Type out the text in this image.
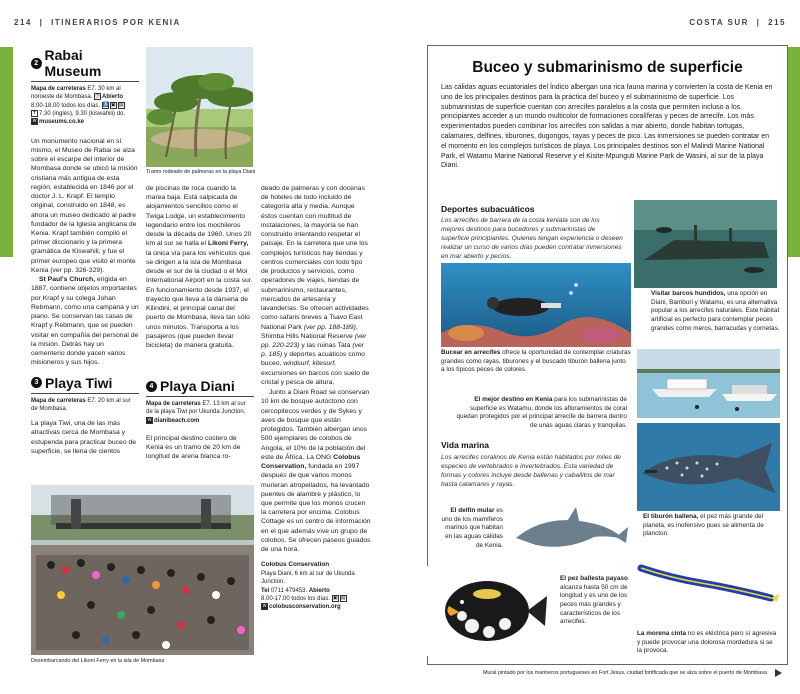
214 | ITINERARIOS POR KENIA	COSTA SUR | 215
2 Rabai Museum
Mapa de carreteras E7. 30 km al noroeste de Mombasa. ◷ Abierto
8.00-18.00 todos los días. ♿ ▣ ▤
✝ 7.30 (inglés), 9.30 (kiswahili) do.
w museums.co.ke

Un monumento nacional en sí mismo, el Museo de Rabai se alza sobre el escarpe del interior de Mombasa donde se ubicó la misión cristiana más antigua de esta región, establecida en 1846 por el doctor J. L. Krapf. El templo original, construido en 1848, es ahora un museo dedicado al padre fundador de la Iglesia anglicana de Kenia. Krapf también compiló el primer diccionario y la primera gramática de Kiswahili, y fue el primer europeo que visitó el monte Kenia (ver pp. 326-329).

St Paul's Church, erigida en 1887, contiene objetos importantes por Krapf y su colega Johan Rebmann, como una campana y un piano. Se conservan las casas de Krapf y Rebmann, que se pueden visitar en compañía del personal de la misión. Detrás hay un cementerio donde yacen varios misioneros y sus hijos.

3 Playa Tiwi
Mapa de carreteras E7. 20 km al sur de Mombasa.

La playa Tiwi, una de las más atractivas cerca de Mombasa y estupenda para practicar buceo de superficie, se llena de cientos

Tramo rodeado de palmeras en la playa Diani

de piscinas de roca cuando la marea baja. Está salpicada de alojamientos sencillos como el Twiga Lodge, un establecimiento legendario entre los mochileros desde la década de 1960. Unos 20 km al sur se halla el Likoni Ferry, la única vía para los vehículos que se dirigen a la isla de Mombasa desde el sur de la ciudad o el Moi International Airport en la costa sur. En funcionamiento desde 1937, el trayecto que lleva a la dársena de Kilindini, el principal canal del puerto de Mombasa, lleva tan sólo unos minutos. Transporta a los pasajeros (que pueden llevar bicicleta) de manera gratuita.

4 Playa Diani
Mapa de carreteras E7. 13 km al sur de la playa Tiwi por Ukunda Junction.
w dianibeach.com

El principal destino costero de Kenia es un tramo de 20 km de longitud de arena blanca ro-

deado de palmeras y con docenas de hoteles de todo incluido de categoría alta y media. Aunque éstos cuentan con multitud de instalaciones, la mayoría se han construido intentando respetar el paisaje. En la carretera que une los complejos turísticos hay tiendas y centros comerciales con todo tipo de productos y servicios, como operadores de viajes, tiendas de submarinismo, restaurantes, mercados de artesanía y lavanderías. Se ofrecen actividades como safaris breves a Tsavo East National Park (ver pp. 188-189), Shimba Hills National Reserve (ver pp. 220-223) y las ruinas Tata (ver p. 185) y deportes acuáticos como buceo, windsurf, kitesurf, excursiones en barcos con suelo de cristal y pesca de altura.

Junto a Diani Road se conservan 10 km de bosque autóctono con cercopitecos verdes y de Sykes y aves de bosque que están protegidos. También albergan unos 500 ejemplares de colobos de Angola, el 10% de la población del este de África. La ONG Colobus Conservation, fundada en 1997 después de que varios monos murieran atropellados, ha levantado puentes de alambre y plástico, lo que permite que los monos crucen la carretera por encima. Colobus Cottage es un centro de información en el que además vive un grupo de colobos. Se ofrecen paseos guiados de una hora.

Colobus Conservation
Playa Diani, 6 km al sur de Ukunda Junction.
Tel 0711 479453. Abierto
8.00-17.00 todos los días. ▣ ▤
w colobusconservation.org
Desembarcando del Likoni Ferry en la isla de Mombasa
Buceo y submarinismo de superficie
Las cálidas aguas ecuatoriales del Índico albergan una rica fauna marina y convierten la costa de Kenia en uno de los principales destinos para la práctica del buceo y el submarinismo de superficie. Los submarinistas de superficie cuentan con arrecifes paralelos a la costa que permiten incluso a los principiantes acceder a un mundo multicolor de formaciones coralíferas y peces de arrecife. Los más experimentados pueden combinar los arrecifes con salidas a mar abierto, donde habitan tortugas, calamares, delfines, tiburones, dugongos, rayas y peces de pico. Las inmersiones se pueden contratar en el momento en los complejos turísticos de playa. Los principales destinos son el Malindi Marine National Park, el Watamu Marine National Reserve y el Kisite-Mpunguti Marine Park de Wasini, al sur de la playa Diani.
Deportes subacuáticos
Los arrecifes de barrera de la costa keniata son de los mejores destinos para bucedores y submarinistas de superficie principiantes. Quienes tengan experiencia o deseen realizar un curso de varios días pueden contratar inmersiones en mar abierto y pecios.
Visitar barcos hundidos, una opción en Diani, Bamburi y Watamu, es una alternativa popular a los arrecifes naturales. Este hábitat artificial es perfecto para contemplar peces grandes como meros, barracudas y cornetas.
Bucear en arrecifes ofrece la oportunidad de contemplar criaturas grandes como rayas, tiburones y el buscado tiburón ballena junto a los típicos peces de colores.
El mejor destino en Kenia para los submarinistas de superficie es Watamu, donde los afloramientos de coral quedan protegidos por el principal arrecife de barrera dentro de unas aguas claras y tranquilas.
Vida marina
Los arrecifes coralinos de Kenia están habitados por miles de especies de vertebrados e invertebrados. Esta variedad de formas y colores incluye desde ballenas y caballitos de mar hasta calamares y rayas.
El tiburón ballena, el pez más grande del planeta, es inofensivo pues se alimenta de plancton.
El delfín mular es uno de los mamíferos marinos que habitan en las aguas cálidas de Kenia.
El pez ballesta payaso alcanza hasta 50 cm de longitud y es uno de los peces más grandes y característicos de los arrecifes.
La morena cinta no es eléctrica pero sí agresiva y puede provocar una dolorosa mordedura si se la provoca.
Mural pintado por los marineros portugueses en Fort Jesus, ciudad fortificada que se alza sobre el puerto de Mombasa
